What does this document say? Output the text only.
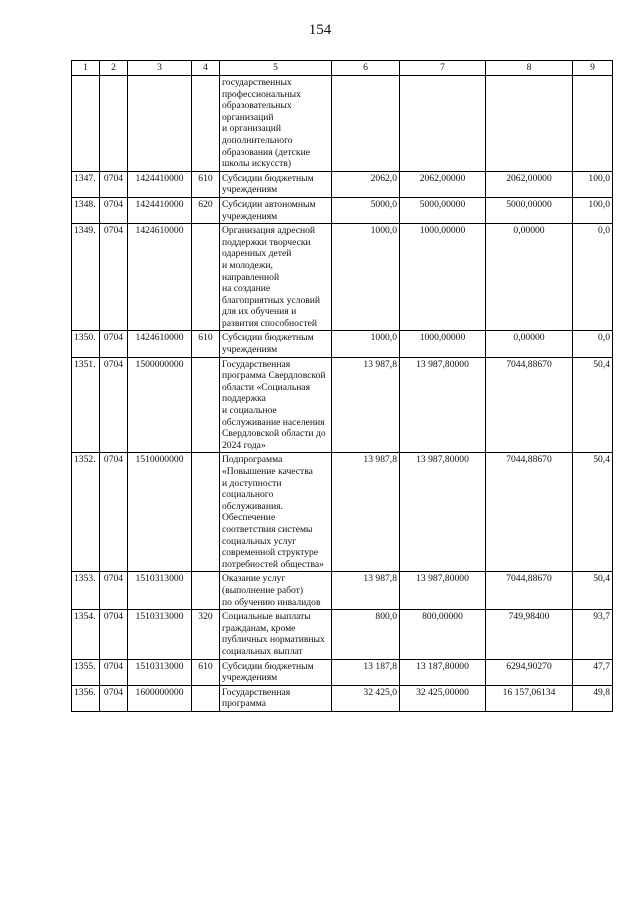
154
1	2	3	4	5	6	7	8	9
				государственных профессиональных образовательных организаций
и организаций дополнительного образования (детские школы искусств)				
1347.	0704	1424410000	610	Субсидии бюджетным учреждениям	2062,0	2062,00000	2062,00000	100,0
1348.	0704	1424410000	620	Субсидии автономным учреждениям	5000,0	5000,00000	5000,00000	100,0
1349.	0704	1424610000		Организация адресной поддержки творчески одаренных детей
и молодежи, направленной
на создание благоприятных условий для их обучения и развития способностей	1000,0	1000,00000	0,00000	0,0
1350.	0704	1424610000	610	Субсидии бюджетным учреждениям	1000,0	1000,00000	0,00000	0,0
1351.	0704	1500000000		Государственная программа Свердловской области «Социальная поддержка
и социальное обслуживание населения Свердловской области до 2024 года»	13 987,8	13 987,80000	7044,88670	50,4
1352.	0704	1510000000		Подпрограмма «Повышение качества
и доступности социального обслуживания. Обеспечение соответствия системы социальных услуг современной структуре потребностей общества»	13 987,8	13 987,80000	7044,88670	50,4
1353.	0704	1510313000		Оказание услуг (выполнение работ)
по обучению инвалидов	13 987,8	13 987,80000	7044,88670	50,4
1354.	0704	1510313000	320	Социальные выплаты гражданам, кроме публичных нормативных социальных выплат	800,0	800,00000	749,98400	93,7
1355.	0704	1510313000	610	Субсидии бюджетным учреждениям	13 187,8	13 187,80000	6294,90270	47,7
1356.	0704	1600000000		Государственная программа	32 425,0	32 425,00000	16 157,06134	49,8
